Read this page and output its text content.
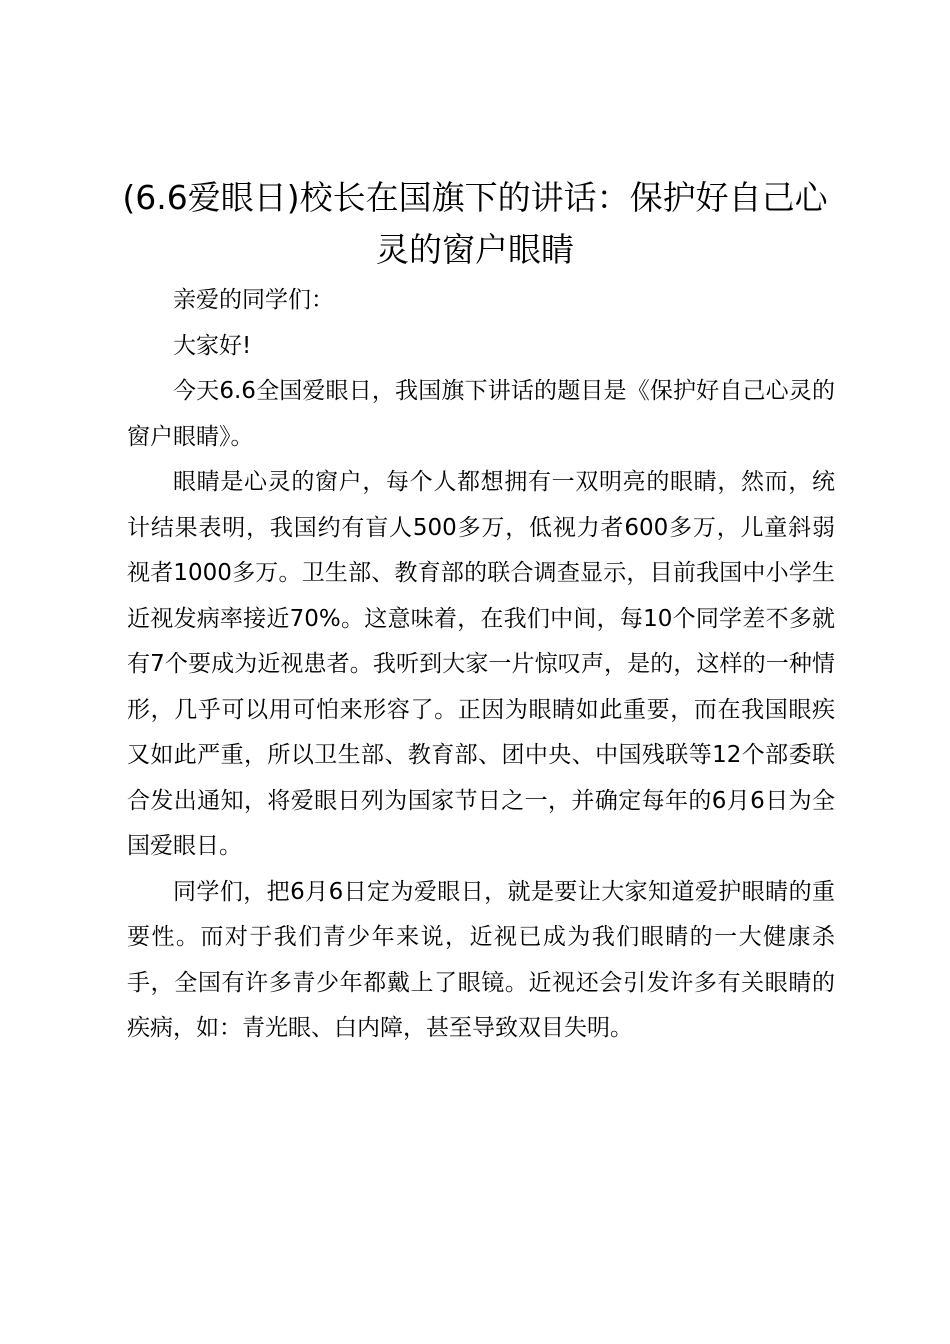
(6.6爱眼日)校长在国旗下的讲话：保护好自己心灵的窗户眼睛

亲爱的同学们：

大家好!

今天6.6全国爱眼日，我国旗下讲话的题目是《保护好自己心灵的窗户眼睛》。

眼睛是心灵的窗户，每个人都想拥有一双明亮的眼睛，然而，统计结果表明，我国约有盲人500多万，低视力者600多万，儿童斜弱视者1000多万。卫生部、教育部的联合调查显示，目前我国中小学生近视发病率接近70%。这意味着，在我们中间，每10个同学差不多就有7个要成为近视患者。我听到大家一片惊叹声，是的，这样的一种情形，几乎可以用可怕来形容了。正因为眼睛如此重要，而在我国眼疾又如此严重，所以卫生部、教育部、团中央、中国残联等12个部委联合发出通知，将爱眼日列为国家节日之一，并确定每年的6月6日为全国爱眼日。

同学们，把6月6日定为爱眼日，就是要让大家知道爱护眼睛的重要性。而对于我们青少年来说，近视已成为我们眼睛的一大健康杀手，全国有许多青少年都戴上了眼镜。近视还会引发许多有关眼睛的疾病，如：青光眼、白内障，甚至导致双目失明。
